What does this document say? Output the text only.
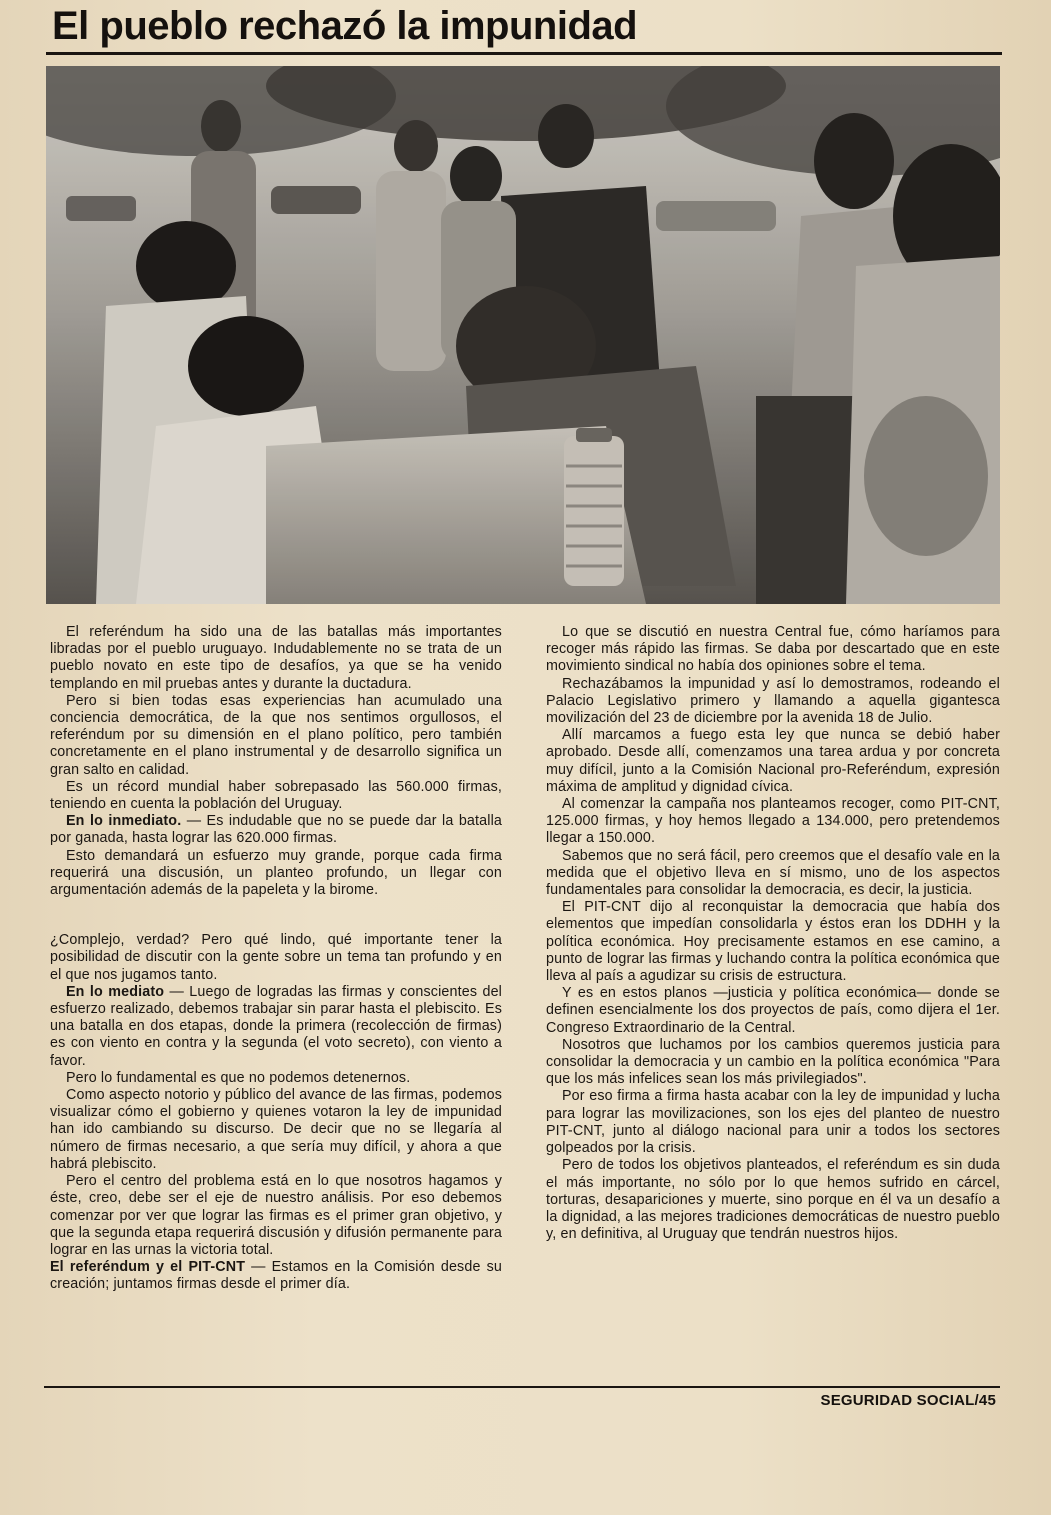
El pueblo rechazó la impunidad

El referéndum ha sido una de las batallas más importantes libradas por el pueblo uruguayo. Indudablemente no se trata de un pueblo novato en este tipo de desafíos, ya que se ha venido templando en mil pruebas antes y durante la ductadura.

Pero si bien todas esas experiencias han acumulado una conciencia democrática, de la que nos sentimos orgullosos, el referéndum por su dimensión en el plano político, pero también concretamente en el plano instrumental y de desarrollo significa un gran salto en calidad.

Es un récord mundial haber sobrepasado las 560.000 firmas, teniendo en cuenta la población del Uruguay.

En lo inmediato. — Es indudable que no se puede dar la batalla por ganada, hasta lograr las 620.000 firmas.

Esto demandará un esfuerzo muy grande, porque cada firma requerirá una discusión, un planteo profundo, un llegar con argumentación además de la papeleta y la birome.

¿Complejo, verdad? Pero qué lindo, qué importante tener la posibilidad de discutir con la gente sobre un tema tan profundo y en el que nos jugamos tanto.

En lo mediato — Luego de logradas las firmas y conscientes del esfuerzo realizado, debemos trabajar sin parar hasta el plebiscito. Es una batalla en dos etapas, donde la primera (recolección de firmas) es con viento en contra y la segunda (el voto secreto), con viento a favor.

Pero lo fundamental es que no podemos detenernos.

Como aspecto notorio y público del avance de las firmas, podemos visualizar cómo el gobierno y quienes votaron la ley de impunidad han ido cambiando su discurso. De decir que no se llegaría al número de firmas necesario, a que sería muy difícil, y ahora a que habrá plebiscito.

Pero el centro del problema está en lo que nosotros hagamos y éste, creo, debe ser el eje de nuestro análisis. Por eso debemos comenzar por ver que lograr las firmas es el primer gran objetivo, y que la segunda etapa requerirá discusión y difusión permanente para lograr en las urnas la victoria total.

El referéndum y el PIT-CNT — Estamos en la Comisión desde su creación; juntamos firmas desde el primer día.

Lo que se discutió en nuestra Central fue, cómo haríamos para recoger más rápido las firmas. Se daba por descartado que en este movimiento sindical no había dos opiniones sobre el tema.

Rechazábamos la impunidad y así lo demostramos, rodeando el Palacio Legislativo primero y llamando a aquella gigantesca movilización del 23 de diciembre por la avenida 18 de Julio.

Allí marcamos a fuego esta ley que nunca se debió haber aprobado. Desde allí, comenzamos una tarea ardua y por concreta muy difícil, junto a la Comisión Nacional pro-Referéndum, expresión máxima de amplitud y dignidad cívica.

Al comenzar la campaña nos planteamos recoger, como PIT-CNT, 125.000 firmas, y hoy hemos llegado a 134.000, pero pretendemos llegar a 150.000.

Sabemos que no será fácil, pero creemos que el desafío vale en la medida que el objetivo lleva en sí mismo, uno de los aspectos fundamentales para consolidar la democracia, es decir, la justicia.

El PIT-CNT dijo al reconquistar la democracia que había dos elementos que impedían consolidarla y éstos eran los DDHH y la política económica. Hoy precisamente estamos en ese camino, a punto de lograr las firmas y luchando contra la política económica que lleva al país a agudizar su crisis de estructura.

Y es en estos planos —justicia y política económica— donde se definen esencialmente los dos proyectos de país, como dijera el 1er. Congreso Extraordinario de la Central.

Nosotros que luchamos por los cambios queremos justicia para consolidar la democracia y un cambio en la política económica "Para que los más infelices sean los más privilegiados".

Por eso firma a firma hasta acabar con la ley de impunidad y lucha para lograr las movilizaciones, son los ejes del planteo de nuestro PIT-CNT, junto al diálogo nacional para unir a todos los sectores golpeados por la crisis.

Pero de todos los objetivos planteados, el referéndum es sin duda el más importante, no sólo por lo que hemos sufrido en cárcel, torturas, desapariciones y muerte, sino porque en él va un desafío a la dignidad, a las mejores tradiciones democráticas de nuestro pueblo y, en definitiva, al Uruguay que tendrán nuestros hijos.

SEGURIDAD SOCIAL/45
